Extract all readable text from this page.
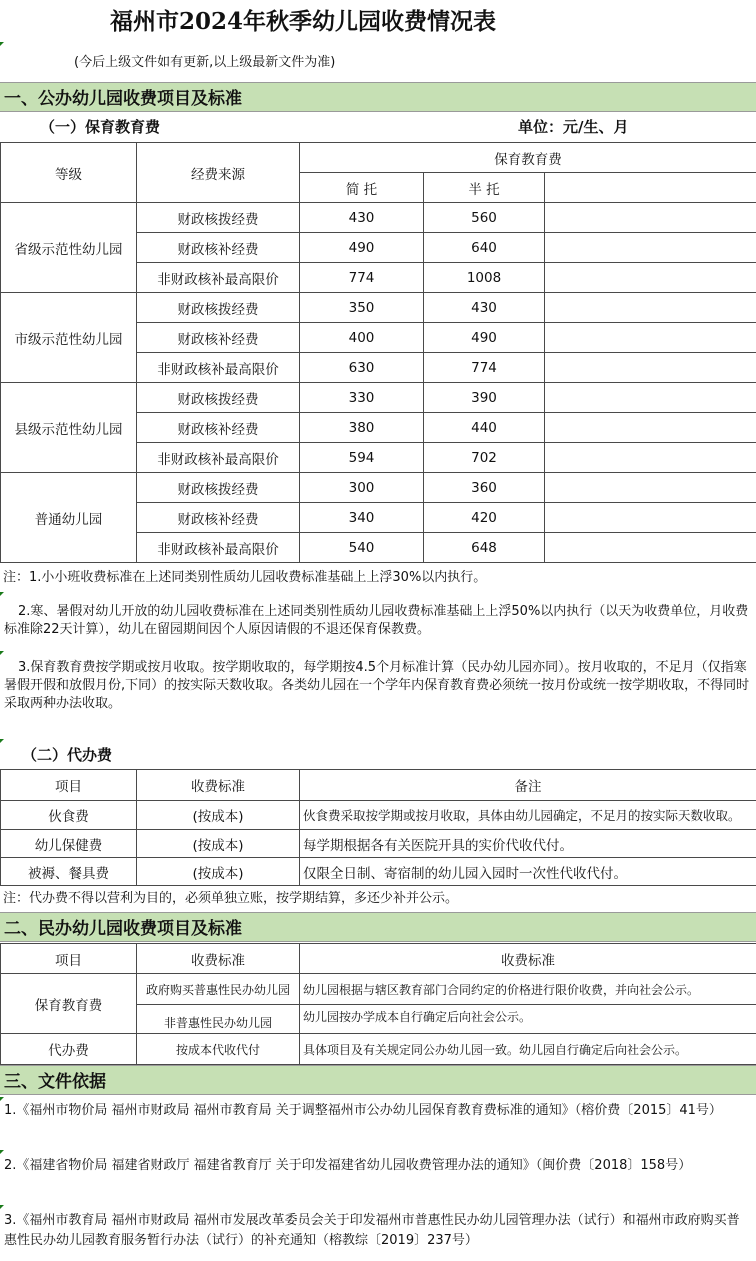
福州市2024年秋季幼儿园收费情况表
(今后上级文件如有更新,以上级最新文件为准)
一、公办幼儿园收费项目及标准
（一）保育教育费	单位：元/生、月
等级	经费来源	保育教育费		
		简 托	半 托	
省级示范性幼儿园	财政核拨经费	430	560	
	财政核补经费	490	640	
	非财政核补最高限价	774	1008	
市级示范性幼儿园	财政核拨经费	350	430	
	财政核补经费	400	490	
	非财政核补最高限价	630	774	
县级示范性幼儿园	财政核拨经费	330	390	
	财政核补经费	380	440	
	非财政核补最高限价	594	702	
普通幼儿园	财政核拨经费	300	360	
	财政核补经费	340	420	
	非财政核补最高限价	540	648	
注：1.小小班收费标准在上述同类别性质幼儿园收费标准基础上上浮30%以内执行。
2.寒、暑假对幼儿开放的幼儿园收费标准在上述同类别性质幼儿园收费标准基础上上浮50%以内执行（以天为收费单位，月收费标准除22天计算），幼儿在留园期间因个人原因请假的不退还保育保教费。
3.保育教育费按学期或按月收取。按学期收取的，每学期按4.5个月标准计算（民办幼儿园亦同）。按月收取的，不足月（仅指寒暑假开假和放假月份,下同）的按实际天数收取。各类幼儿园在一个学年内保育教育费必须统一按月份或统一按学期收取，不得同时采取两种办法收取。
（二）代办费
项目	收费标准	备注
伙食费	(按成本)	伙食费采取按学期或按月收取，具体由幼儿园确定，不足月的按实际天数收取。
幼儿保健费	(按成本)	每学期根据各有关医院开具的实价代收代付。
被褥、餐具费	(按成本)	仅限全日制、寄宿制的幼儿园入园时一次性代收代付。
注：代办费不得以营利为目的，必须单独立账，按学期结算，多还少补并公示。
二、民办幼儿园收费项目及标准
项目	收费标准	收费标准
保育教育费	政府购买普惠性民办幼儿园	幼儿园根据与辖区教育部门合同约定的价格进行限价收费，并向社会公示。
	非普惠性民办幼儿园	幼儿园按办学成本自行确定后向社会公示。
代办费	按成本代收代付	具体项目及有关规定同公办幼儿园一致。幼儿园自行确定后向社会公示。
三、文件依据
1.《福州市物价局 福州市财政局 福州市教育局 关于调整福州市公办幼儿园保育教育费标准的通知》（榕价费〔2015〕41号）
2.《福建省物价局 福建省财政厅 福建省教育厅 关于印发福建省幼儿园收费管理办法的通知》（闽价费〔2018〕158号）
3.《福州市教育局 福州市财政局 福州市发展改革委员会关于印发福州市普惠性民办幼儿园管理办法（试行）和福州市政府购买普惠性民办幼儿园教育服务暂行办法（试行）的补充通知（榕教综〔2019〕237号）
